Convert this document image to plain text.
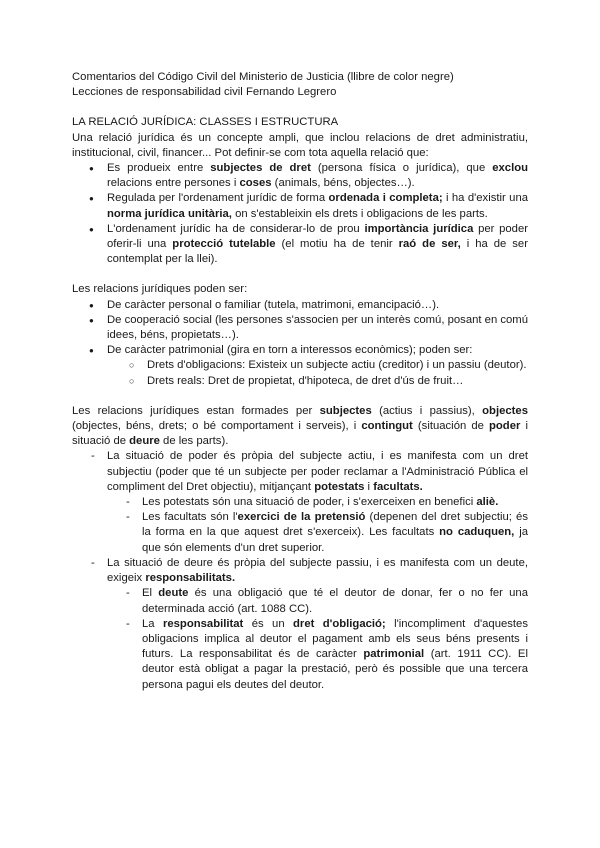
Comentarios del Código Civil del Ministerio de Justicia (llibre de color negre)

Lecciones de responsabilidad civil Fernando Legrero

LA RELACIÓ JURÍDICA: CLASSES I ESTRUCTURA

Una relació jurídica és un concepte ampli, que inclou relacions de dret administratiu, institucional, civil, financer... Pot definir-se com tota aquella relació que:

● Es produeix entre subjectes de dret (persona física o jurídica), que exclou relacions entre persones i coses (animals, béns, objectes…).
● Regulada per l'ordenament jurídic de forma ordenada i completa; i ha d'existir una norma jurídica unitària, on s'estableixin els drets i obligacions de les parts.
● L'ordenament jurídic ha de considerar-lo de prou importància jurídica per poder oferir-li una protecció tutelable (el motiu ha de tenir raó de ser, i ha de ser contemplat per la llei).

Les relacions jurídiques poden ser:

● De caràcter personal o familiar (tutela, matrimoni, emancipació…).
● De cooperació social (les persones s'associen per un interès comú, posant en comú idees, béns, propietats…).
● De caràcter patrimonial (gira en torn a interessos econòmics); poden ser:
○ Drets d'obligacions: Existeix un subjecte actiu (creditor) i un passiu (deutor).
○ Drets reals: Dret de propietat, d'hipoteca, de dret d'ús de fruit…

Les relacions jurídiques estan formades per subjectes (actius i passius), objectes (objectes, béns, drets; o bé comportament i serveis), i contingut (situación de poder i situació de deure de les parts).

- La situació de poder és pròpia del subjecte actiu, i es manifesta com un dret subjectiu (poder que té un subjecte per poder reclamar a l'Administració Pública el compliment del Dret objectiu), mitjançant potestats i facultats.
- Les potestats són una situació de poder, i s'exerceixen en benefici aliè.
- Les facultats són l'exercici de la pretensió (depenen del dret subjectiu; és la forma en la que aquest dret s'exerceix). Les facultats no caduquen, ja que són elements d'un dret superior.
- La situació de deure és pròpia del subjecte passiu, i es manifesta com un deute, exigeix responsabilitats.
- El deute és una obligació que té el deutor de donar, fer o no fer una determinada acció (art. 1088 CC).
- La responsabilitat és un dret d'obligació; l'incompliment d'aquestes obligacions implica al deutor el pagament amb els seus béns presents i futurs. La responsabilitat és de caràcter patrimonial (art. 1911 CC). El deutor està obligat a pagar la prestació, però és possible que una tercera persona pagui els deutes del deutor.
